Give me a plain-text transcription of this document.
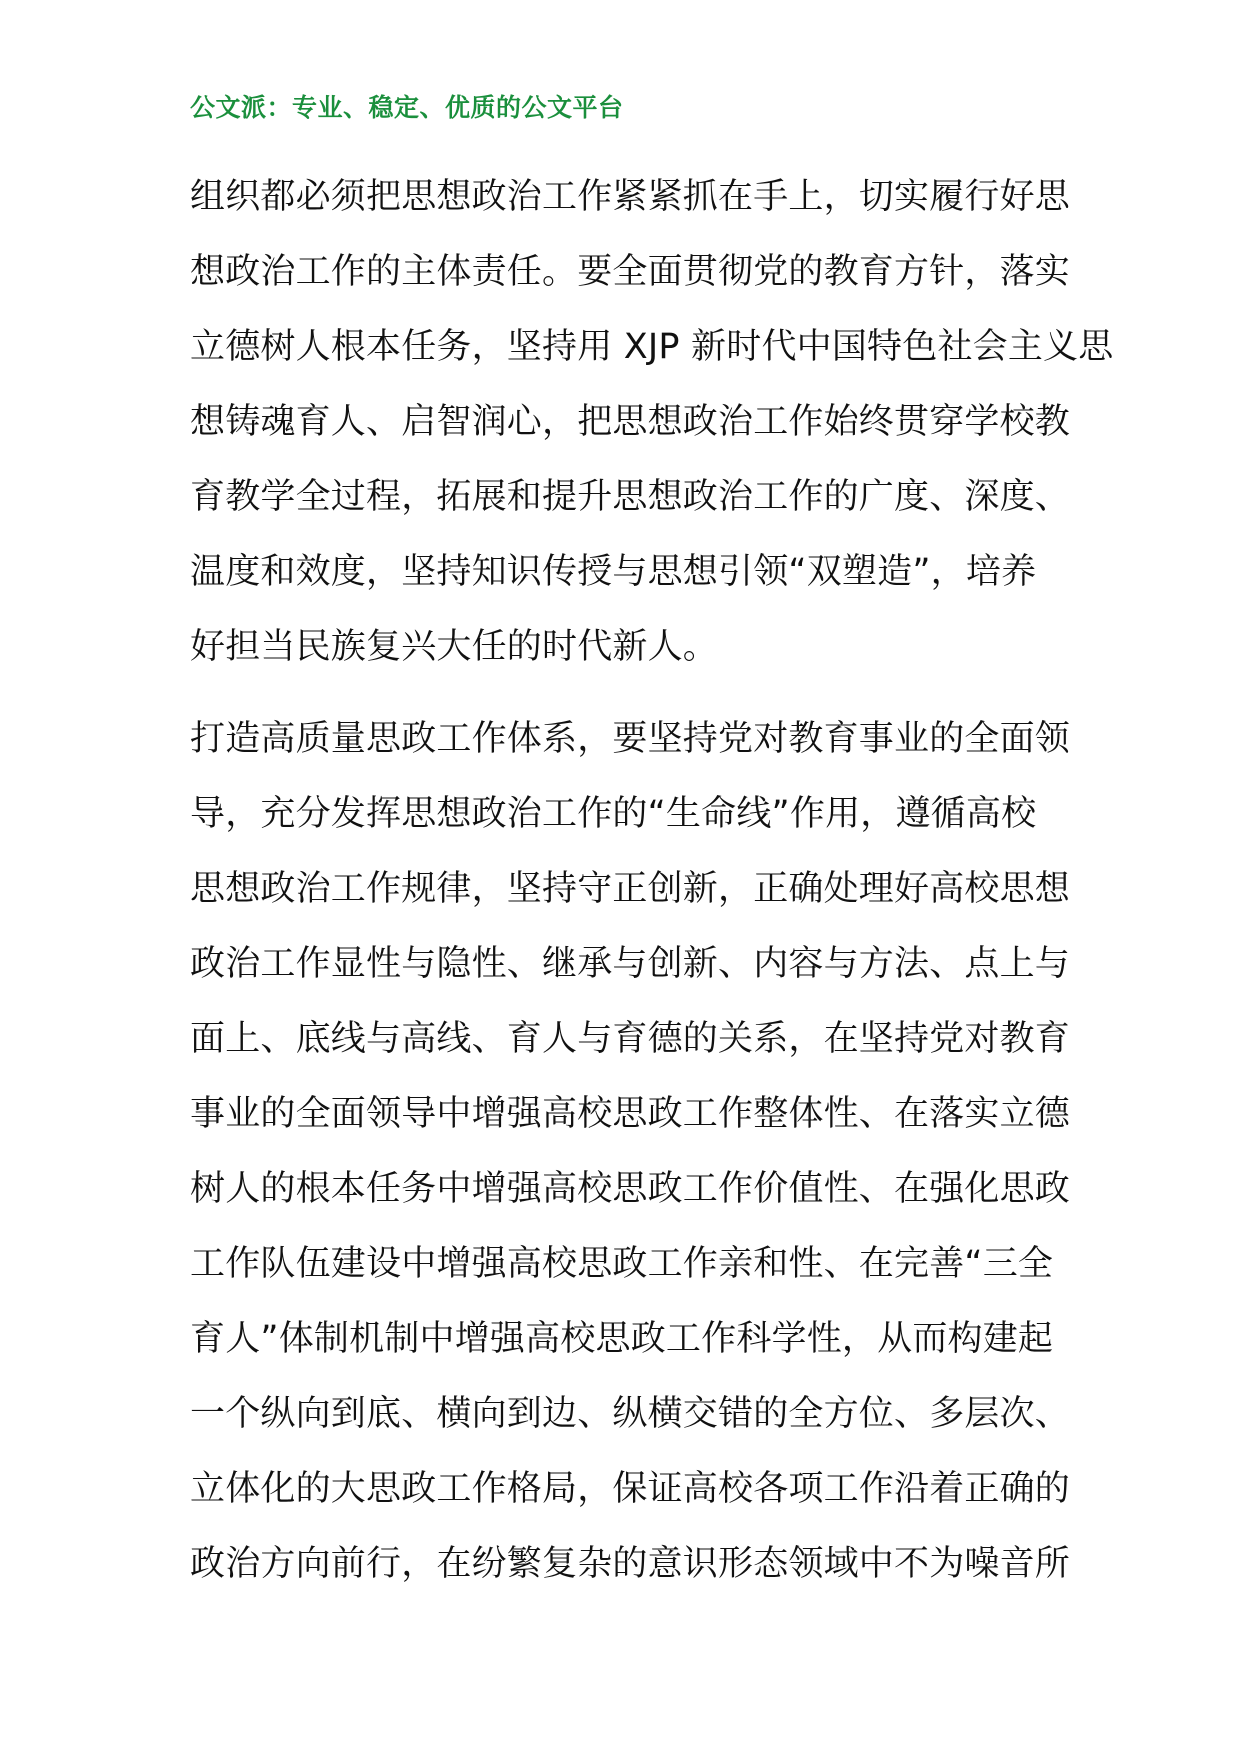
公文派：专业、稳定、优质的公文平台
组织都必须把思想政治工作紧紧抓在手上，切实履行好思
想政治工作的主体责任。要全面贯彻党的教育方针，落实
立德树人根本任务，坚持用 XJP 新时代中国特色社会主义思
想铸魂育人、启智润心，把思想政治工作始终贯穿学校教
育教学全过程，拓展和提升思想政治工作的广度、深度、
温度和效度，坚持知识传授与思想引领“双塑造”，培养
好担当民族复兴大任的时代新人。
打造高质量思政工作体系，要坚持党对教育事业的全面领
导，充分发挥思想政治工作的“生命线”作用，遵循高校
思想政治工作规律，坚持守正创新，正确处理好高校思想
政治工作显性与隐性、继承与创新、内容与方法、点上与
面上、底线与高线、育人与育德的关系，在坚持党对教育
事业的全面领导中增强高校思政工作整体性、在落实立德
树人的根本任务中增强高校思政工作价值性、在强化思政
工作队伍建设中增强高校思政工作亲和性、在完善“三全
育人”体制机制中增强高校思政工作科学性，从而构建起
一个纵向到底、横向到边、纵横交错的全方位、多层次、
立体化的大思政工作格局，保证高校各项工作沿着正确的
政治方向前行，在纷繁复杂的意识形态领域中不为噪音所
